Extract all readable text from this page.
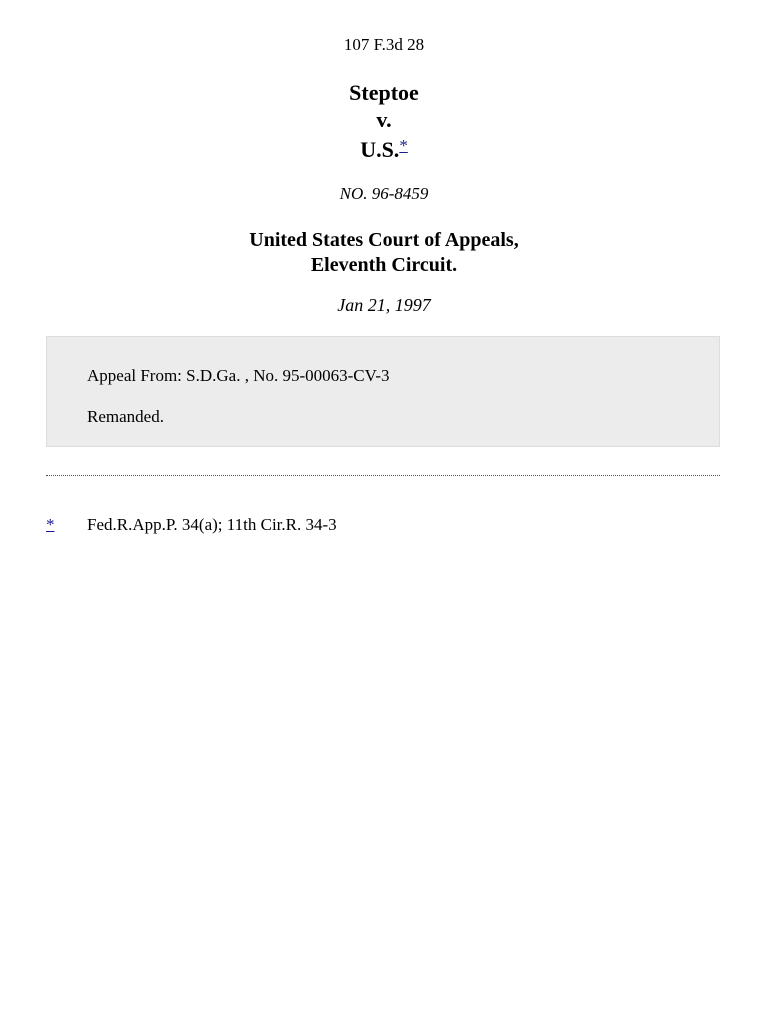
107 F.3d 28
Steptoe
v.
U.S.*
NO. 96-8459
United States Court of Appeals,
Eleventh Circuit.
Jan 21, 1997

Appeal From: S.D.Ga. , No. 95-00063-CV-3

Remanded.

* Fed.R.App.P. 34(a); 11th Cir.R. 34-3
